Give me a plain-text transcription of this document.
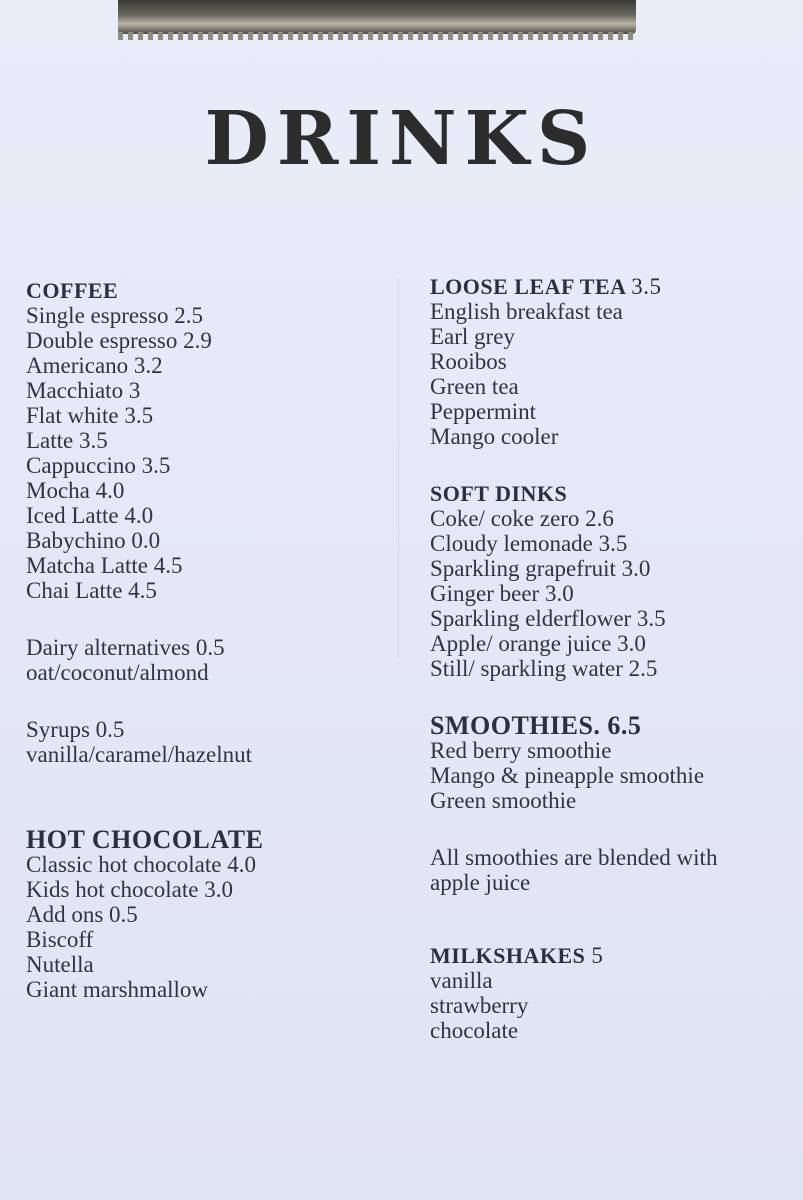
DRINKS
COFFEE
Single espresso 2.5
Double espresso 2.9
Americano 3.2
Macchiato 3
Flat white 3.5
Latte 3.5
Cappuccino 3.5
Mocha 4.0
Iced Latte 4.0
Babychino 0.0
Matcha Latte 4.5
Chai Latte 4.5
Dairy alternatives 0.5
oat/coconut/almond
Syrups 0.5
vanilla/caramel/hazelnut
HOT CHOCOLATE
Classic hot chocolate 4.0
Kids hot chocolate 3.0
Add ons 0.5
Biscoff
Nutella
Giant marshmallow
LOOSE LEAF TEA 3.5
English breakfast tea
Earl grey
Rooibos
Green tea
Peppermint
Mango cooler
SOFT DINKS
Coke/ coke zero 2.6
Cloudy lemonade 3.5
Sparkling grapefruit 3.0
Ginger beer 3.0
Sparkling elderflower 3.5
Apple/ orange juice 3.0
Still/ sparkling water 2.5
SMOOTHIES. 6.5
Red berry smoothie
Mango & pineapple smoothie
Green smoothie
All smoothies are blended with
apple juice
MILKSHAKES 5
vanilla
strawberry
chocolate
